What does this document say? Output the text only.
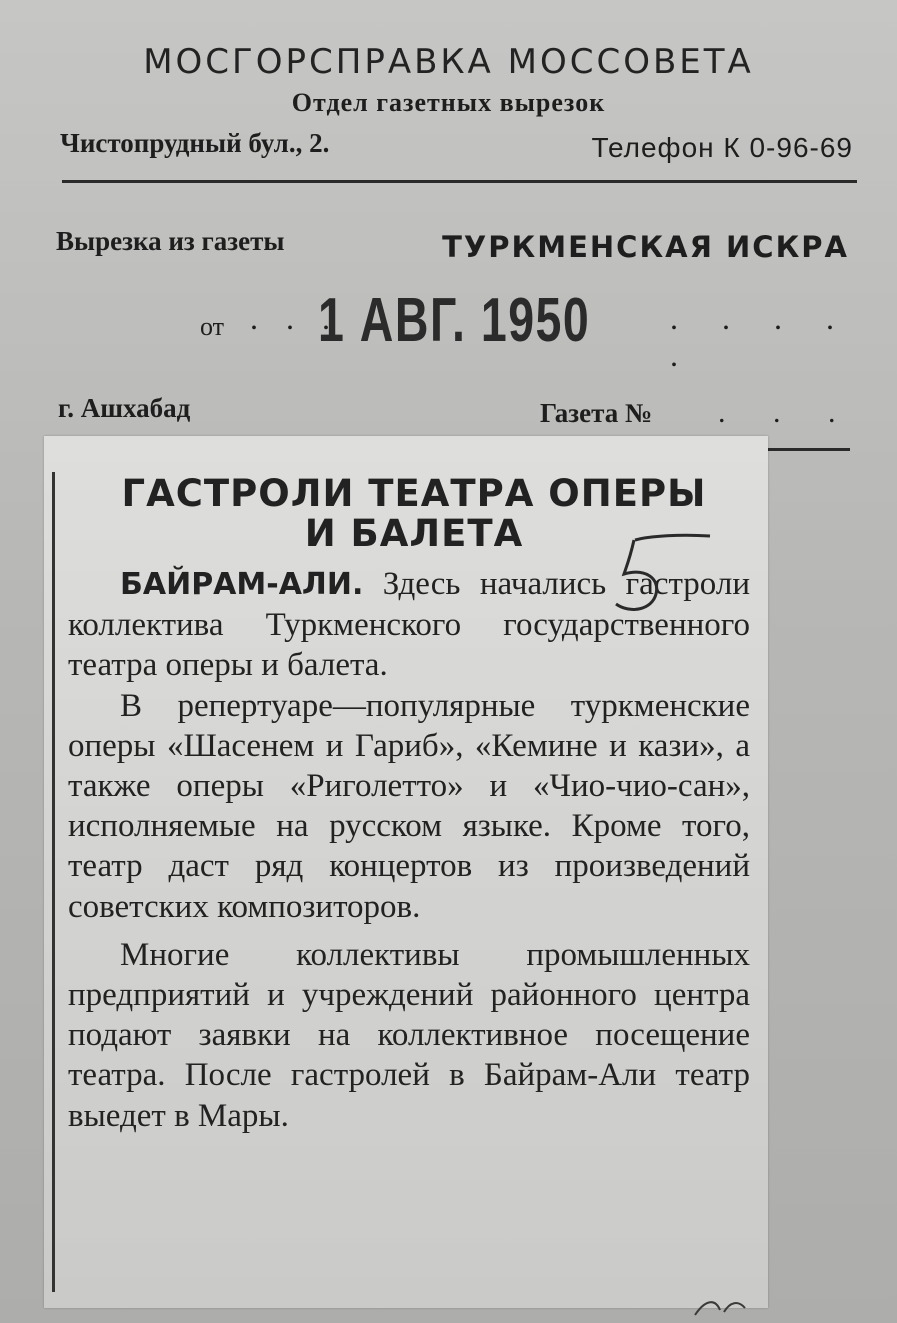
МОСГОРСПРАВКА МОССОВЕТА
Отдел газетных вырезок
Чистопрудный бул., 2.	Телефон К 0-96-69
Вырезка из газеты	ТУРКМЕНСКАЯ ИСКРА
от . . .
1 АВГ. 1950 . . . . .
г. Ашхабад	Газета № . . .
ГАСТРОЛИ ТЕАТРА ОПЕРЫ
И БАЛЕТА

БАЙРАМ-АЛИ. Здесь начались гастроли коллектива Туркменского государственного театра оперы и балета.

В репертуаре—популярные туркменские оперы «Шасенем и Гариб», «Кемине и кази», а также оперы «Риголетто» и «Чио-чио-сан», исполняемые на русском языке. Кроме того, театр даст ряд концертов из произведений советских композиторов.

Многие коллективы промышленных предприятий и учреждений районного центра подают заявки на коллективное посещение театра. После гастролей в Байрам-Али театр выедет в Мары.
